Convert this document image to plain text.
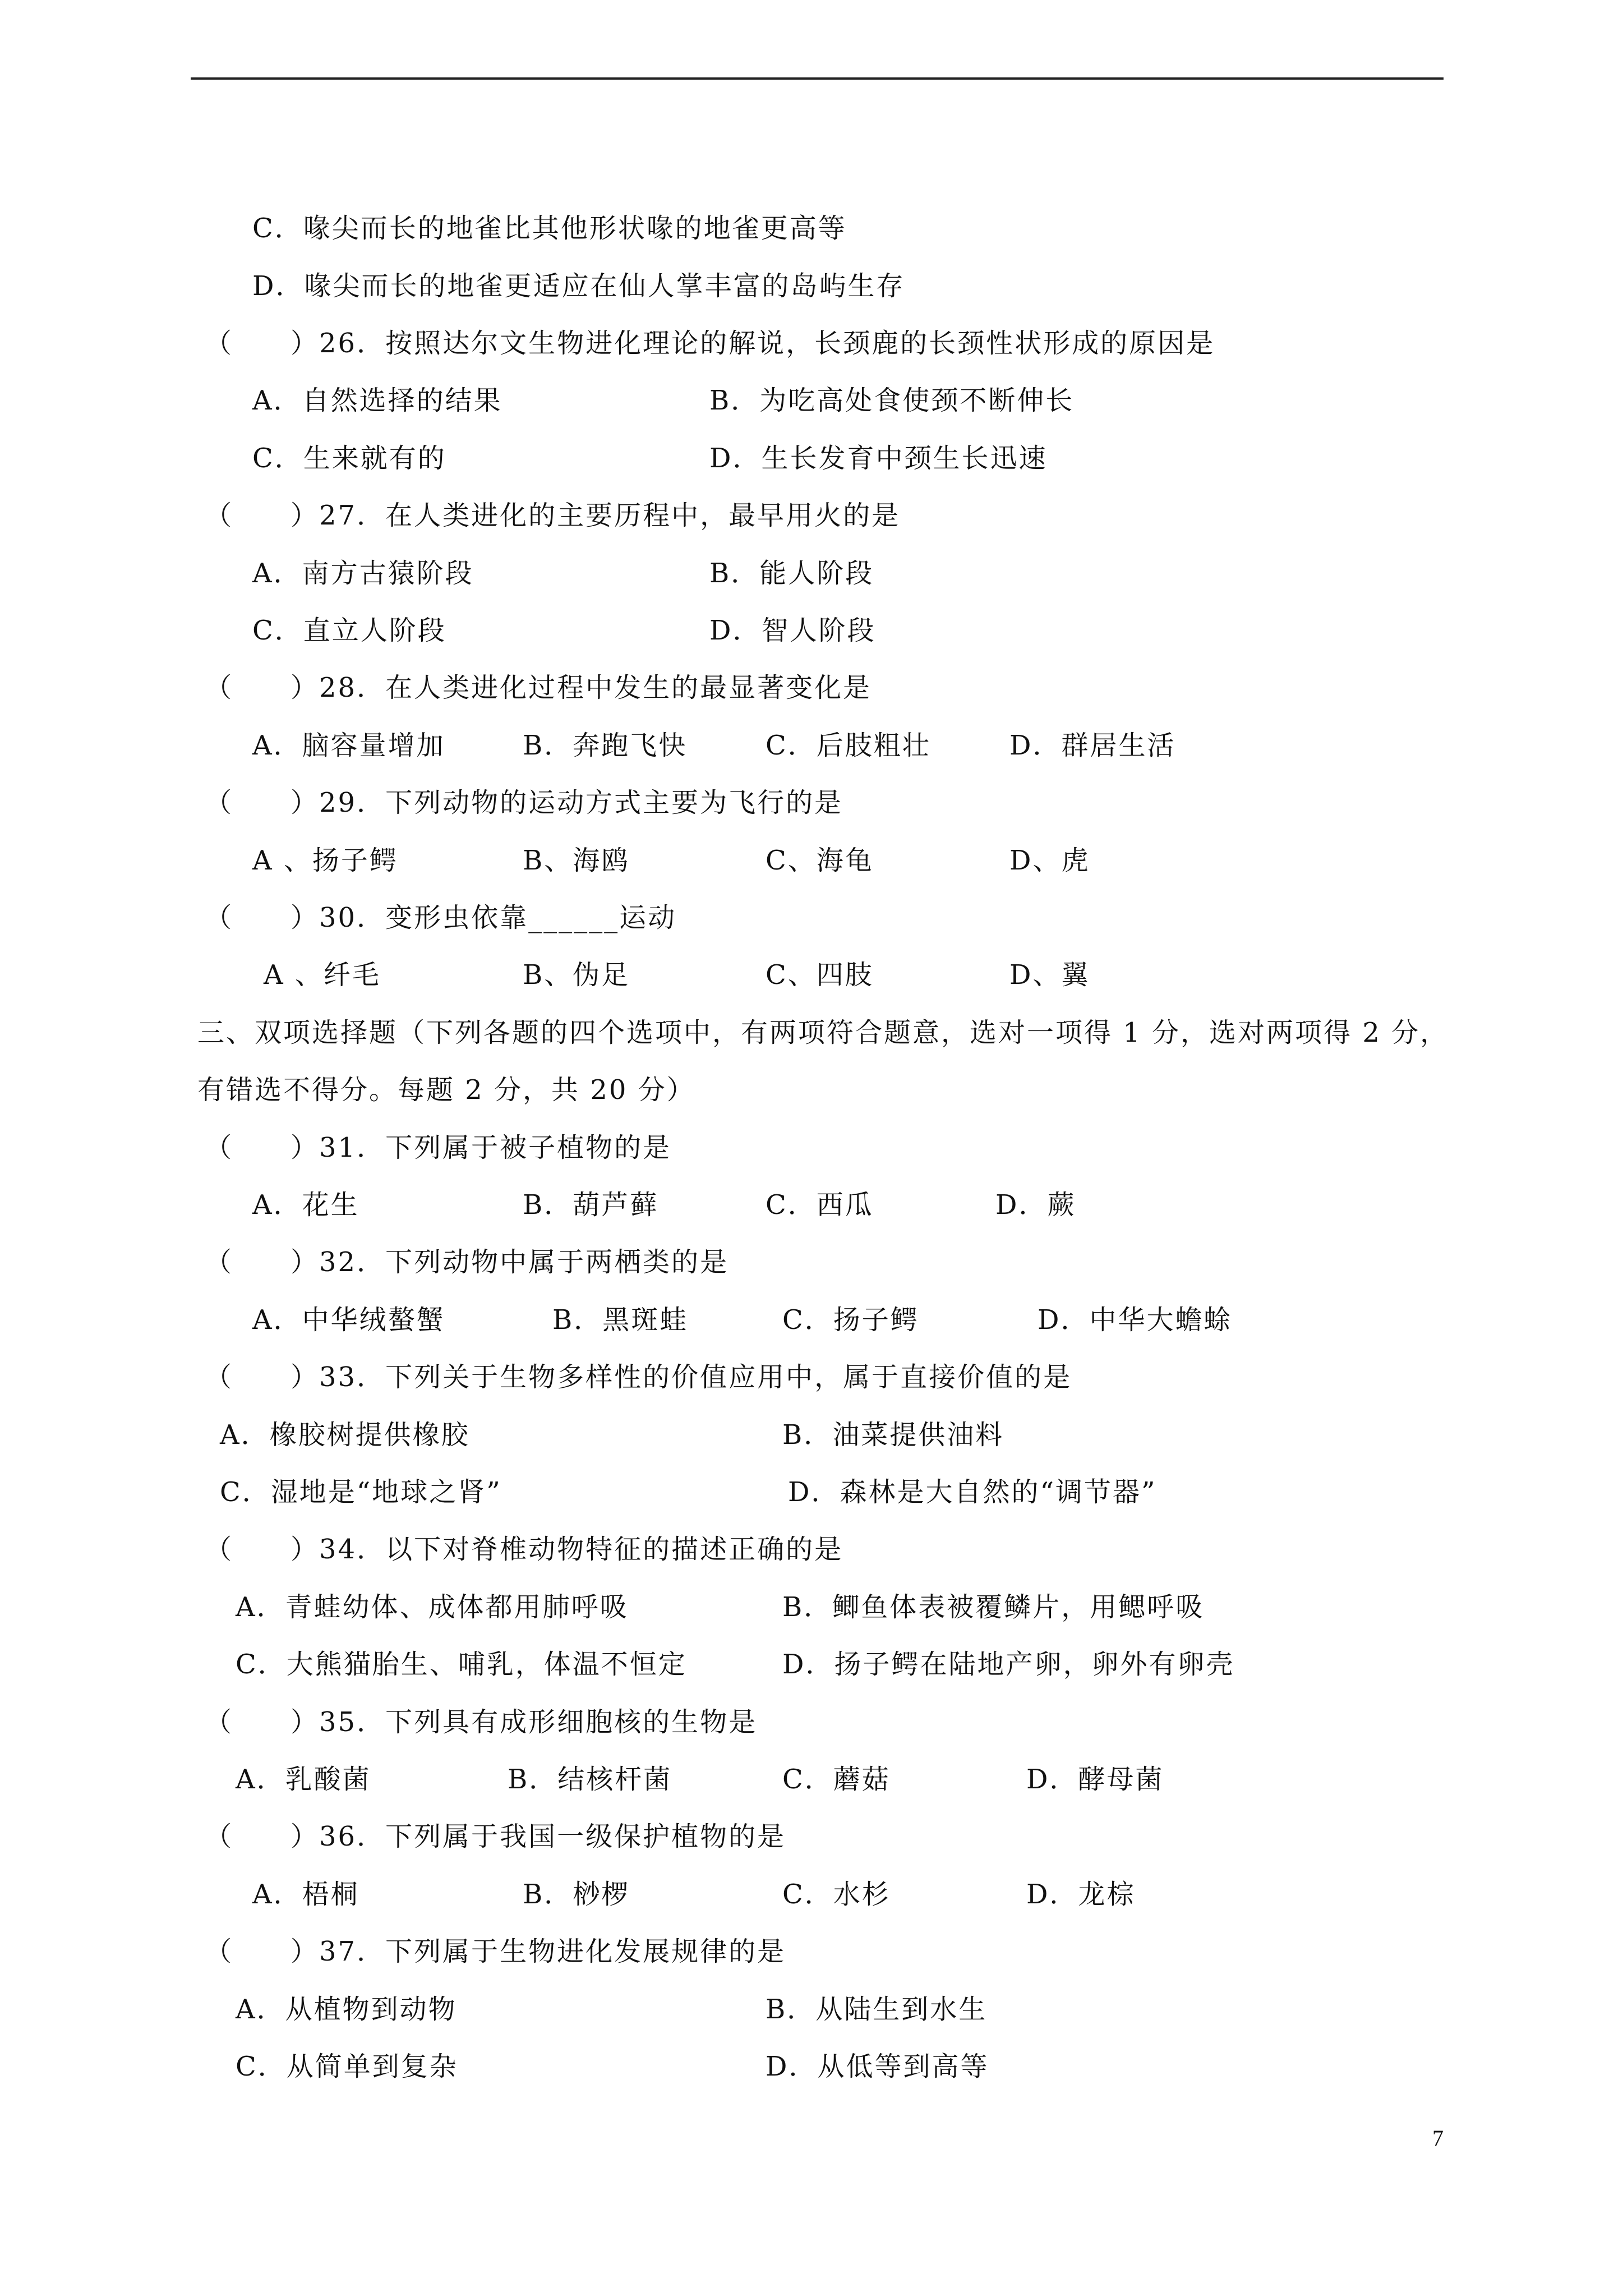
C．喙尖而长的地雀比其他形状喙的地雀更高等
D．喙尖而长的地雀更适应在仙人掌丰富的岛屿生存
（　　）26．按照达尔文生物进化理论的解说，长颈鹿的长颈性状形成的原因是
A．自然选择的结果	B．为吃高处食使颈不断伸长
C．生来就有的	D．生长发育中颈生长迅速
（　　）27．在人类进化的主要历程中，最早用火的是
A．南方古猿阶段	B．能人阶段
C．直立人阶段	D．智人阶段
（　　）28．在人类进化过程中发生的最显著变化是
A．脑容量增加	B．奔跑飞快	C．后肢粗壮	D．群居生活
（　　）29．下列动物的运动方式主要为飞行的是
A 、扬子鳄	B、海鸥	C、海龟	D、虎
（　　）30．变形虫依靠______运动
A 、纤毛	B、伪足	C、四肢	D、翼
三、双项选择题（下列各题的四个选项中，有两项符合题意，选对一项得 1 分，选对两项得 2 分，
有错选不得分。每题 2 分，共 20 分）
（　　）31．下列属于被子植物的是
A．花生	B．葫芦藓	C．西瓜	D．蕨
（　　）32．下列动物中属于两栖类的是
A．中华绒螯蟹	B．黑斑蛙	C．扬子鳄	D．中华大蟾蜍
（　　）33．下列关于生物多样性的价值应用中，属于直接价值的是
A．橡胶树提供橡胶	B．油菜提供油料
C．湿地是“地球之肾”	D．森林是大自然的“调节器”
（　　）34．以下对脊椎动物特征的描述正确的是
A．青蛙幼体、成体都用肺呼吸	B．鲫鱼体表被覆鳞片，用鳃呼吸
C．大熊猫胎生、哺乳，体温不恒定	D．扬子鳄在陆地产卵，卵外有卵壳
（　　）35．下列具有成形细胞核的生物是
A．乳酸菌	B．结核杆菌	C．蘑菇	D．酵母菌
（　　）36．下列属于我国一级保护植物的是
A．梧桐	B．桫椤	C．水杉	D．龙棕
（　　）37．下列属于生物进化发展规律的是
A．从植物到动物	B．从陆生到水生
C．从简单到复杂	D．从低等到高等
7
